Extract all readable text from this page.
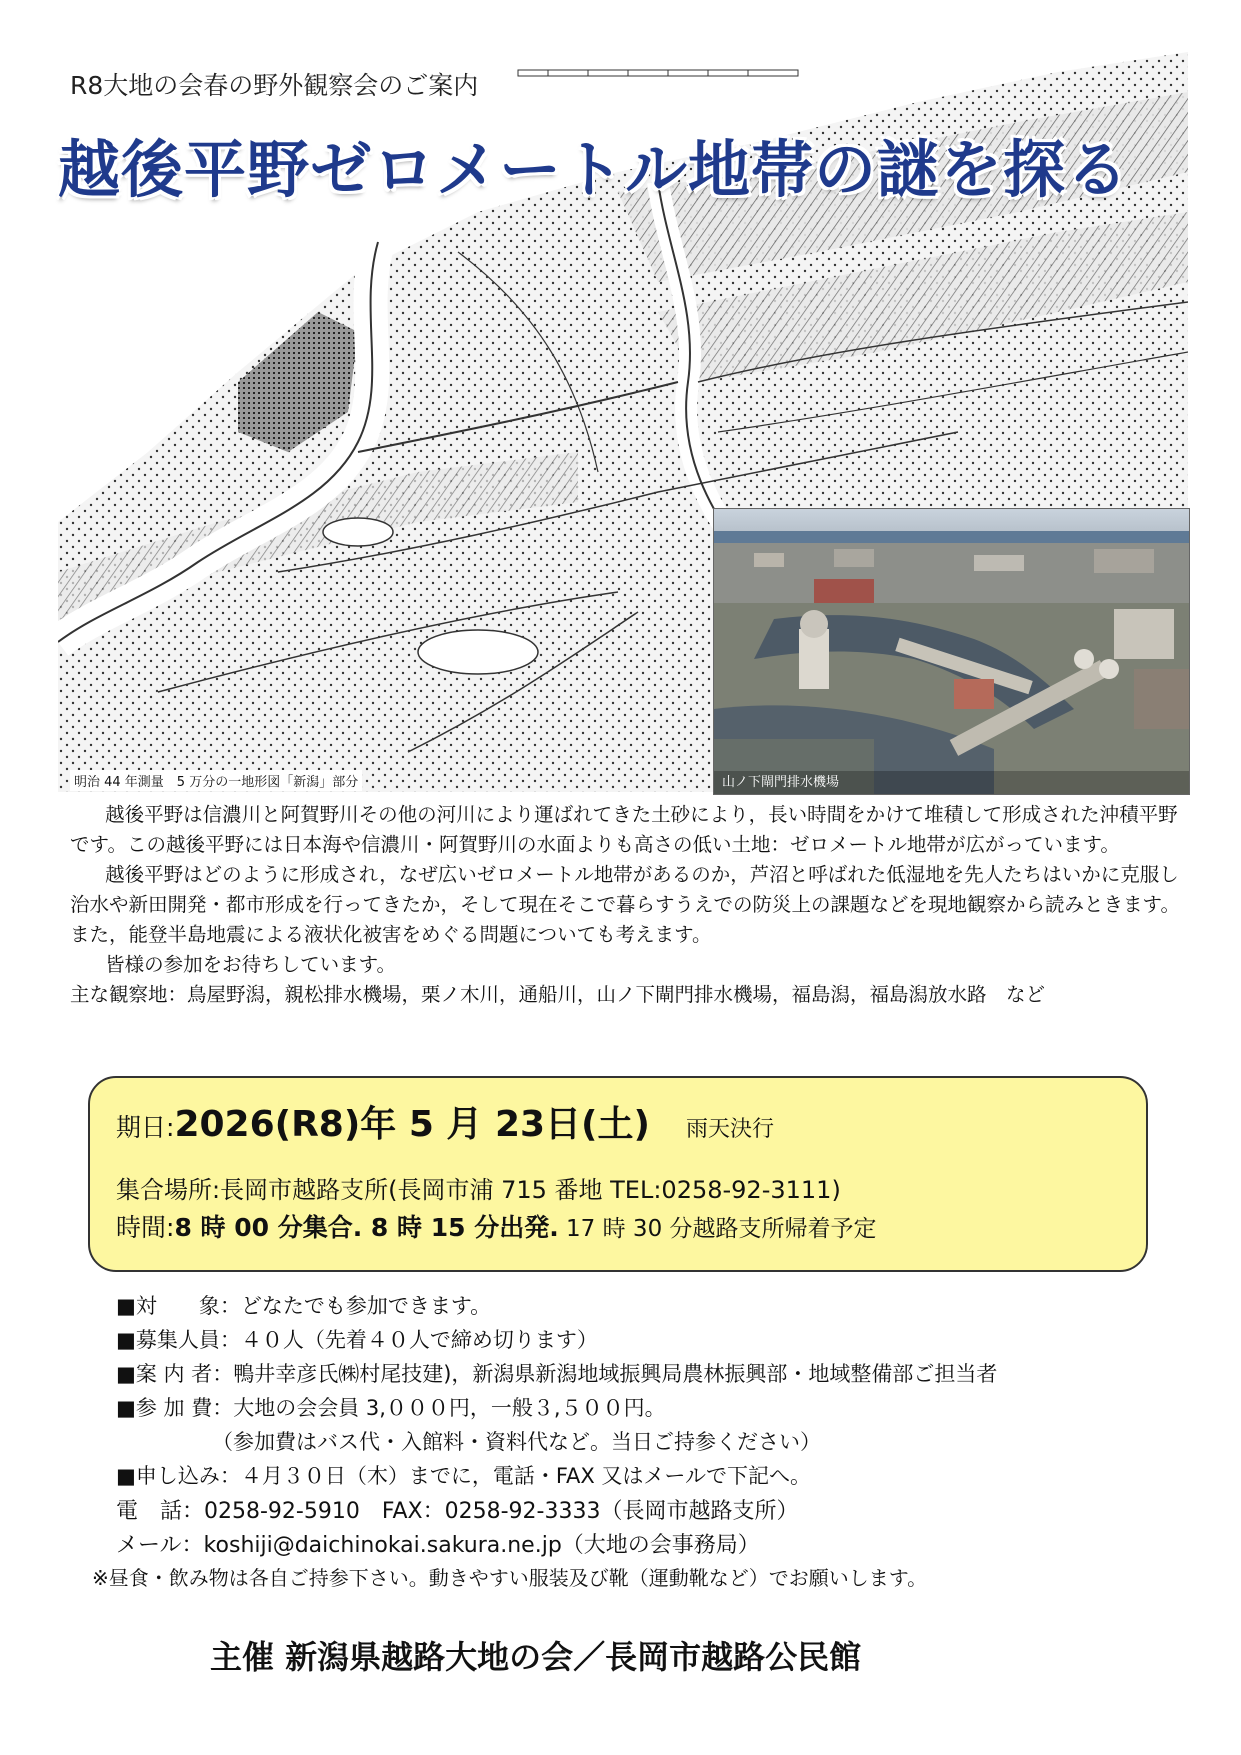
R8大地の会春の野外観察会のご案内
越後平野ゼロメートル地帯の謎を探る
明治 44 年測量　5 万分の一地形図「新潟」部分	山ノ下閘門排水機場

越後平野は信濃川と阿賀野川その他の河川により運ばれてきた土砂により，長い時間をかけて堆積して形成された沖積平野です。この越後平野には日本海や信濃川・阿賀野川の水面よりも高さの低い土地：ゼロメートル地帯が広がっています。

越後平野はどのように形成され，なぜ広いゼロメートル地帯があるのか，芦沼と呼ばれた低湿地を先人たちはいかに克服し治水や新田開発・都市形成を行ってきたか，そして現在そこで暮らすうえでの防災上の課題などを現地観察から読みときます。また，能登半島地震による液状化被害をめぐる問題についても考えます。

皆様の参加をお待ちしています。

主な観察地：鳥屋野潟，親松排水機場，栗ノ木川，通船川，山ノ下閘門排水機場，福島潟，福島潟放水路　など

期日:2026(R8)年 5 月 23日(土) 雨天決行
集合場所:長岡市越路支所(長岡市浦 715 番地 TEL:0258-92-3111)
時間:8 時 00 分集合. 8 時 15 分出発. 17 時 30 分越路支所帰着予定
■対　　象：どなたでも参加できます。
■募集人員：４０人（先着４０人で締め切ります）
■案 内 者：鴨井幸彦氏㈱村尾技建)，新潟県新潟地域振興局農林振興部・地域整備部ご担当者
■参 加 費：大地の会会員 3,０００円，一般３,５００円。
（参加費はバス代・入館料・資料代など。当日ご持参ください）
■申し込み：４月３０日（木）までに，電話・FAX 又はメールで下記へ。
電　話：0258-92-5910　FAX：0258-92-3333（長岡市越路支所）
メール：koshiji@daichinokai.sakura.ne.jp（大地の会事務局）
※昼食・飲み物は各自ご持参下さい。動きやすい服装及び靴（運動靴など）でお願いします。
主催 新潟県越路大地の会／長岡市越路公民館
